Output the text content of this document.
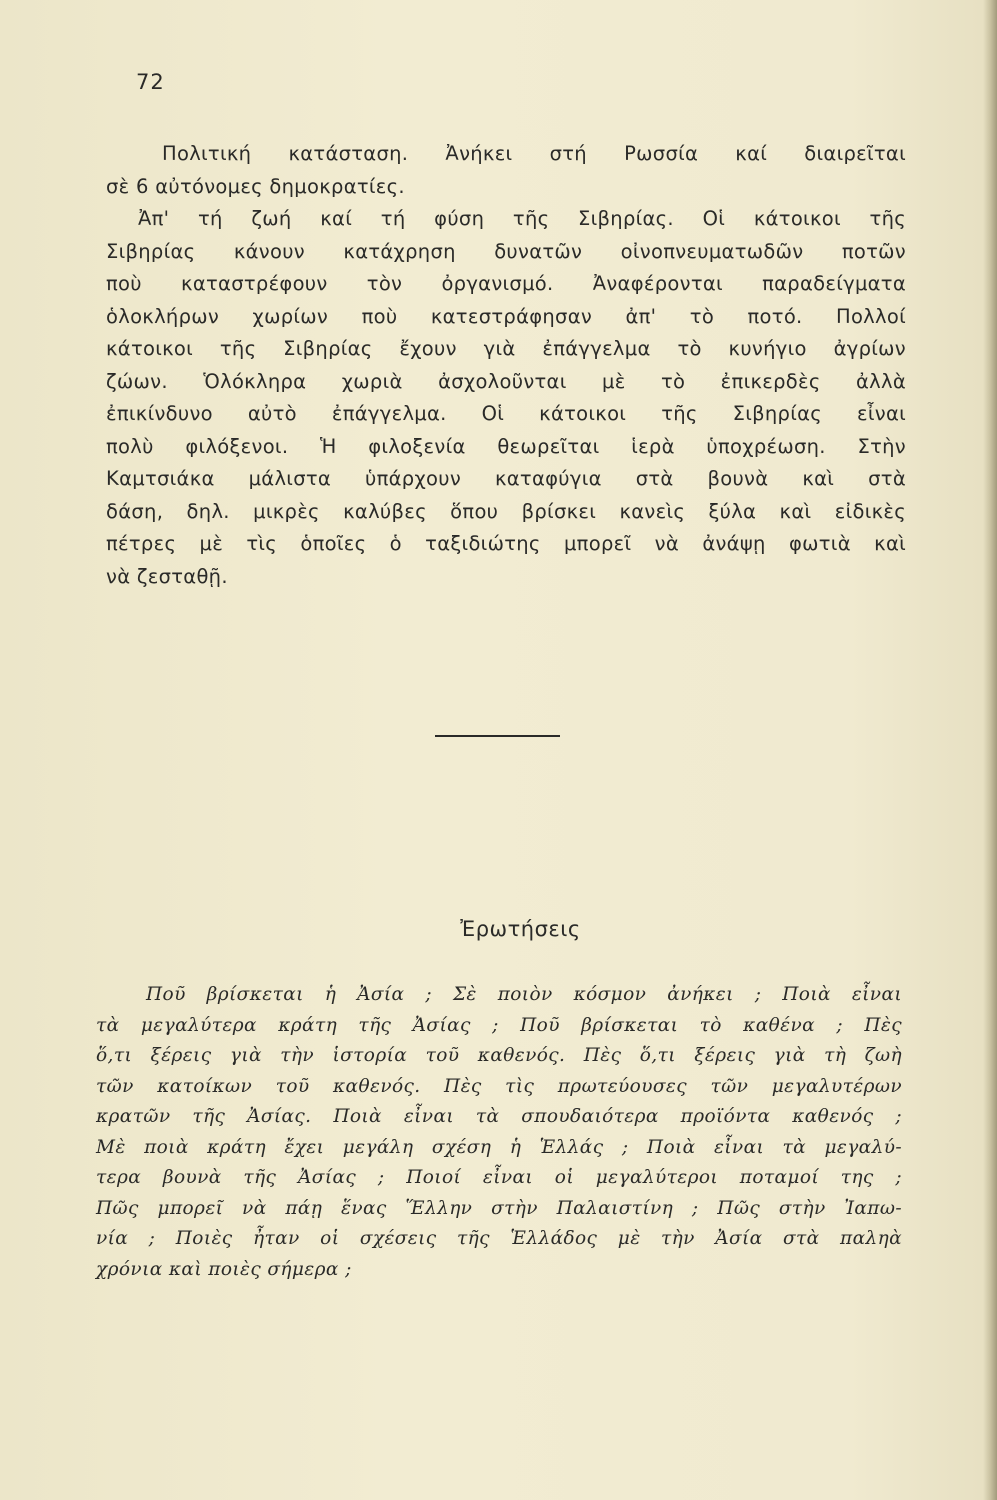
72
Πολιτική κατάσταση. Ἀνήκει στή Ρωσσία καί διαιρεῖται
σὲ 6 αὐτόνομες δημοκρατίες.
Ἀπ' τή ζωή καί τή φύση τῆς Σιβηρίας. Οἱ κάτοικοι τῆς
Σιβηρίας κάνουν κατάχρηση δυνατῶν οἰνοπνευματωδῶν ποτῶν
ποὺ καταστρέφουν τὸν ὀργανισμό. Ἀναφέρονται παραδείγματα
ὁλοκλήρων χωρίων ποὺ κατεστράφησαν ἀπ' τὸ ποτό. Πολλοί
κάτοικοι τῆς Σιβηρίας ἔχουν γιὰ ἐπάγγελμα τὸ κυνήγιο ἀγρίων
ζώων. Ὁλόκληρα χωριὰ ἀσχολοῦνται μὲ τὸ ἐπικερδὲς ἀλλὰ
ἐπικίνδυνο αὐτὸ ἐπάγγελμα. Οἱ κάτοικοι τῆς Σιβηρίας εἶναι
πολὺ φιλόξενοι. Ἡ φιλοξενία θεωρεῖται ἱερὰ ὑποχρέωση. Στὴν
Καμτσιάκα μάλιστα ὑπάρχουν καταφύγια στὰ βουνὰ καὶ στὰ
δάση, δηλ. μικρὲς καλύβες ὅπου βρίσκει κανεὶς ξύλα καὶ εἰδικὲς
πέτρες μὲ τὶς ὁποῖες ὁ ταξιδιώτης μπορεῖ νὰ ἀνάψῃ φωτιὰ καὶ
νὰ ζεσταθῇ.
Ἐρωτήσεις
Ποῦ βρίσκεται ἡ Ἀσία ; Σὲ ποιὸν κόσμον ἀνήκει ; Ποιὰ εἶναι
τὰ μεγαλύτερα κράτη τῆς Ἀσίας ; Ποῦ βρίσκεται τὸ καθένα ; Πὲς
ὅ,τι ξέρεις γιὰ τὴν ἱστορία τοῦ καθενός. Πὲς ὅ,τι ξέρεις γιὰ τὴ ζωὴ
τῶν κατοίκων τοῦ καθενός. Πὲς τὶς πρωτεύουσες τῶν μεγαλυτέρων
κρατῶν τῆς Ἀσίας. Ποιὰ εἶναι τὰ σπουδαιότερα προϊόντα καθενός ;
Μὲ ποιὰ κράτη ἔχει μεγάλη σχέση ἡ Ἑλλάς ; Ποιὰ εἶναι τὰ μεγαλύ-
τερα βουνὰ τῆς Ἀσίας ; Ποιοί εἶναι οἱ μεγαλύτεροι ποταμοί της ;
Πῶς μπορεῖ νὰ πάῃ ἕνας Ἕλλην στὴν Παλαιστίνη ; Πῶς στὴν Ἰαπω-
νία ; Ποιὲς ἦταν οἱ σχέσεις τῆς Ἑλλάδος μὲ τὴν Ἀσία στὰ παληὰ
χρόνια καὶ ποιὲς σήμερα ;
